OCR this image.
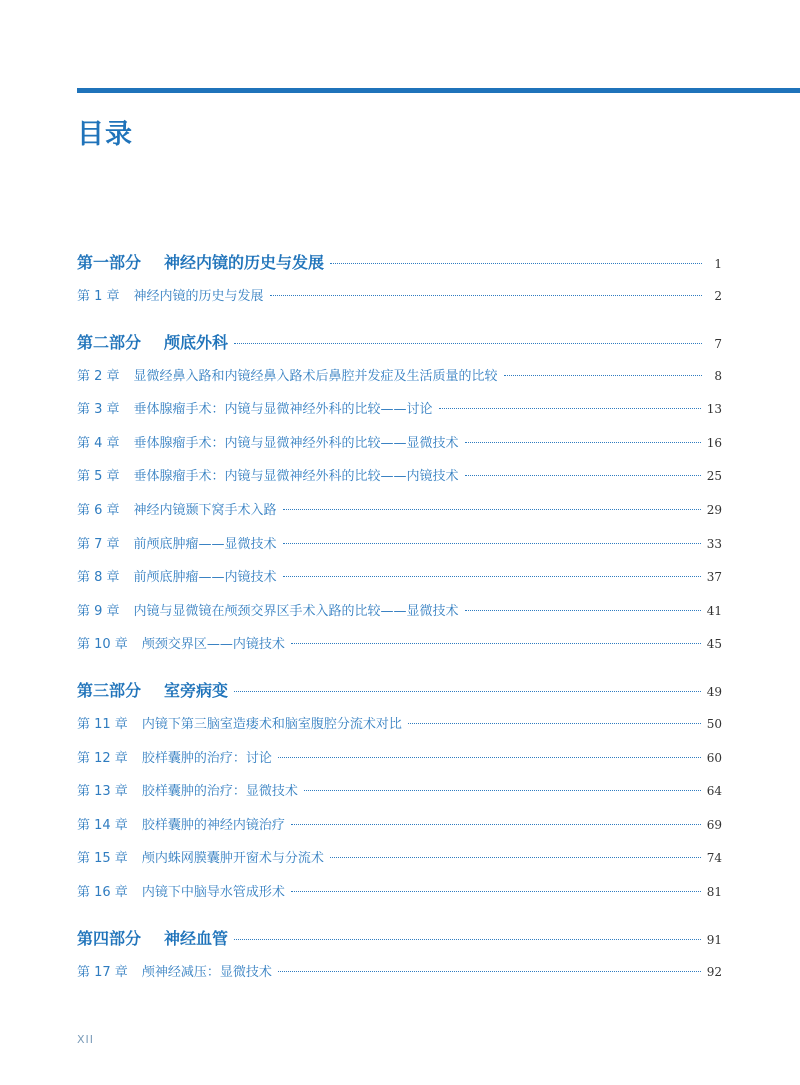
目录
第一部分	神经内镜的历史与发展	1
第 1 章 神经内镜的历史与发展	2
第二部分	颅底外科	7
第 2 章 显微经鼻入路和内镜经鼻入路术后鼻腔并发症及生活质量的比较	8
第 3 章 垂体腺瘤手术：内镜与显微神经外科的比较——讨论	13
第 4 章 垂体腺瘤手术：内镜与显微神经外科的比较——显微技术	16
第 5 章 垂体腺瘤手术：内镜与显微神经外科的比较——内镜技术	25
第 6 章 神经内镜颞下窝手术入路	29
第 7 章 前颅底肿瘤——显微技术	33
第 8 章 前颅底肿瘤——内镜技术	37
第 9 章 内镜与显微镜在颅颈交界区手术入路的比较——显微技术	41
第 10 章 颅颈交界区——内镜技术	45
第三部分	室旁病变	49
第 11 章 内镜下第三脑室造瘘术和脑室腹腔分流术对比	50
第 12 章 胶样囊肿的治疗：讨论	60
第 13 章 胶样囊肿的治疗：显微技术	64
第 14 章 胶样囊肿的神经内镜治疗	69
第 15 章 颅内蛛网膜囊肿开窗术与分流术	74
第 16 章 内镜下中脑导水管成形术	81
第四部分	神经血管	91
第 17 章 颅神经减压：显微技术	92
XII
